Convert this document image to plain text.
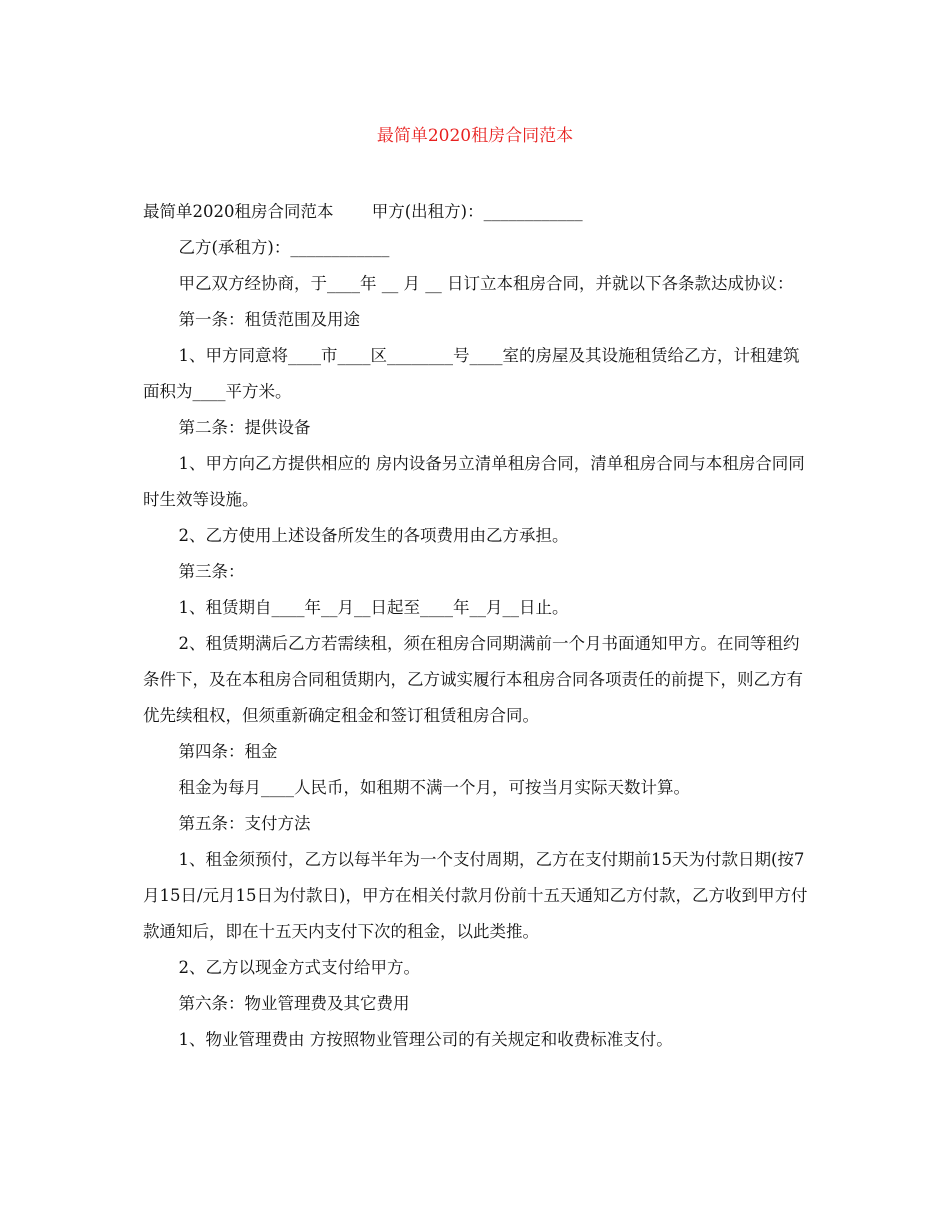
最简单2020租房合同范本

最简单2020租房合同范本　　 甲方(出租方)：____________

乙方(承租方)：____________

甲乙双方经协商，于____年 __ 月 __ 日订立本租房合同，并就以下各条款达成协议：

第一条：租赁范围及用途

1、甲方同意将____市____区________号____室的房屋及其设施租赁给乙方，计租建筑面积为____平方米。

第二条：提供设备

1、甲方向乙方提供相应的 房内设备另立清单租房合同，清单租房合同与本租房合同同时生效等设施。

2、乙方使用上述设备所发生的各项费用由乙方承担。

第三条：

1、租赁期自____年__月__日起至____年__月__日止。

2、租赁期满后乙方若需续租，须在租房合同期满前一个月书面通知甲方。在同等租约条件下，及在本租房合同租赁期内，乙方诚实履行本租房合同各项责任的前提下，则乙方有优先续租权，但须重新确定租金和签订租赁租房合同。

第四条：租金

租金为每月____人民币，如租期不满一个月，可按当月实际天数计算。

第五条：支付方法

1、租金须预付，乙方以每半年为一个支付周期，乙方在支付期前15天为付款日期(按7月15日/元月15日为付款日)，甲方在相关付款月份前十五天通知乙方付款，乙方收到甲方付款通知后，即在十五天内支付下次的租金，以此类推。

2、乙方以现金方式支付给甲方。

第六条：物业管理费及其它费用

1、物业管理费由 方按照物业管理公司的有关规定和收费标准支付。
